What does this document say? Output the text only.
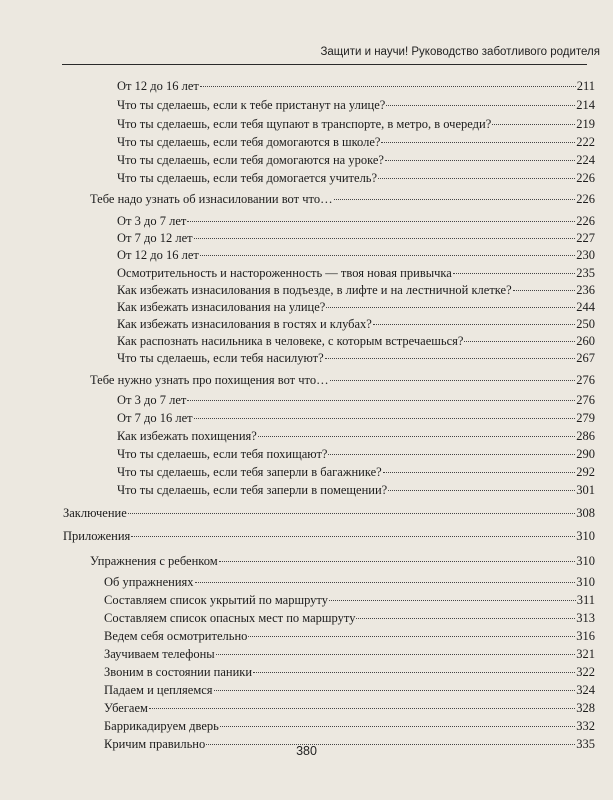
Защити и научи! Руководство заботливого родителя
От 12 до 16 лет	211
Что ты сделаешь, если к тебе пристанут на улице?	214
Что ты сделаешь, если тебя щупают в транспорте, в метро, в очереди?	219
Что ты сделаешь, если тебя домогаются в школе?	222
Что ты сделаешь, если тебя домогаются на уроке?	224
Что ты сделаешь, если тебя домогается учитель?	226
Тебе надо узнать об изнасиловании вот что…	226
От 3 до 7 лет	226
От 7 до 12 лет	227
От 12 до 16 лет	230
Осмотрительность и настороженность — твоя новая привычка	235
Как избежать изнасилования в подъезде, в лифте и на лестничной клетке?	236
Как избежать изнасилования на улице?	244
Как избежать изнасилования в гостях и клубах?	250
Как распознать насильника в человеке, с которым встречаешься?	260
Что ты сделаешь, если тебя насилуют?	267
Тебе нужно узнать про похищения вот что…	276
От 3 до 7 лет	276
От 7 до 16 лет	279
Как избежать похищения?	286
Что ты сделаешь, если тебя похищают?	290
Что ты сделаешь, если тебя заперли в багажнике?	292
Что ты сделаешь, если тебя заперли в помещении?	301
Заключение	308
Приложения	310
Упражнения с ребенком	310
Об упражнениях	310
Составляем список укрытий по маршруту	311
Составляем список опасных мест по маршруту	313
Ведем себя осмотрительно	316
Заучиваем телефоны	321
Звоним в состоянии паники	322
Падаем и цепляемся	324
Убегаем	328
Баррикадируем дверь	332
Кричим правильно	335
380
